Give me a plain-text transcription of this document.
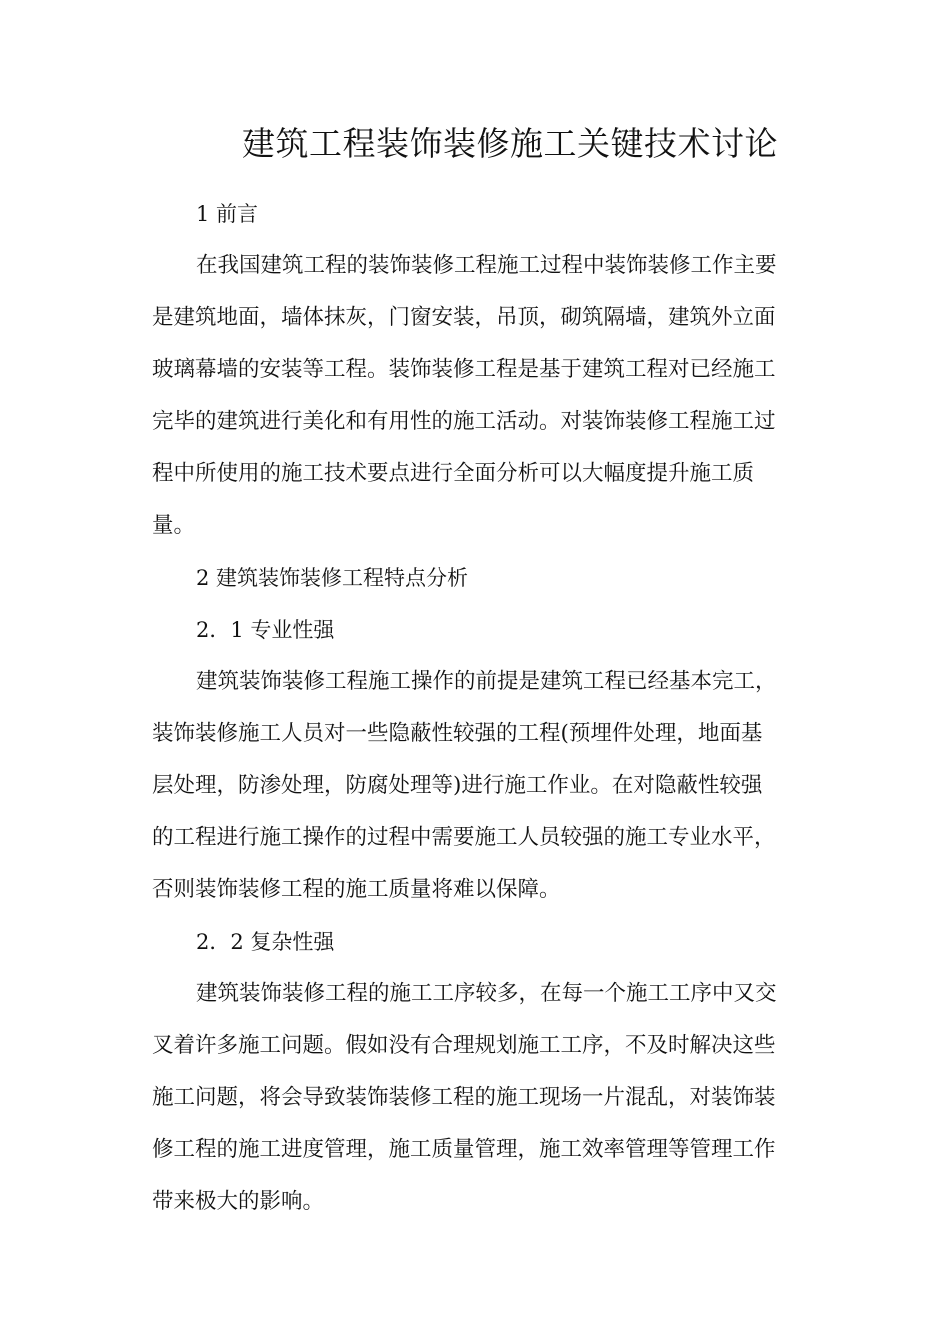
建筑工程装饰装修施工关键技术讨论
1 前言

在我国建筑工程的装饰装修工程施工过程中装饰装修工作主要
是建筑地面，墙体抹灰，门窗安装，吊顶，砌筑隔墙，建筑外立面
玻璃幕墙的安装等工程。装饰装修工程是基于建筑工程对已经施工
完毕的建筑进行美化和有用性的施工活动。对装饰装修工程施工过
程中所使用的施工技术要点进行全面分析可以大幅度提升施工质
量。

2 建筑装饰装修工程特点分析
2．1 专业性强

建筑装饰装修工程施工操作的前提是建筑工程已经基本完工，
装饰装修施工人员对一些隐蔽性较强的工程(预埋件处理，地面基
层处理，防渗处理，防腐处理等)进行施工作业。在对隐蔽性较强
的工程进行施工操作的过程中需要施工人员较强的施工专业水平，
否则装饰装修工程的施工质量将难以保障。

2．2 复杂性强

建筑装饰装修工程的施工工序较多，在每一个施工工序中又交
叉着许多施工问题。假如没有合理规划施工工序，不及时解决这些
施工问题，将会导致装饰装修工程的施工现场一片混乱，对装饰装
修工程的施工进度管理，施工质量管理，施工效率管理等管理工作
带来极大的影响。
